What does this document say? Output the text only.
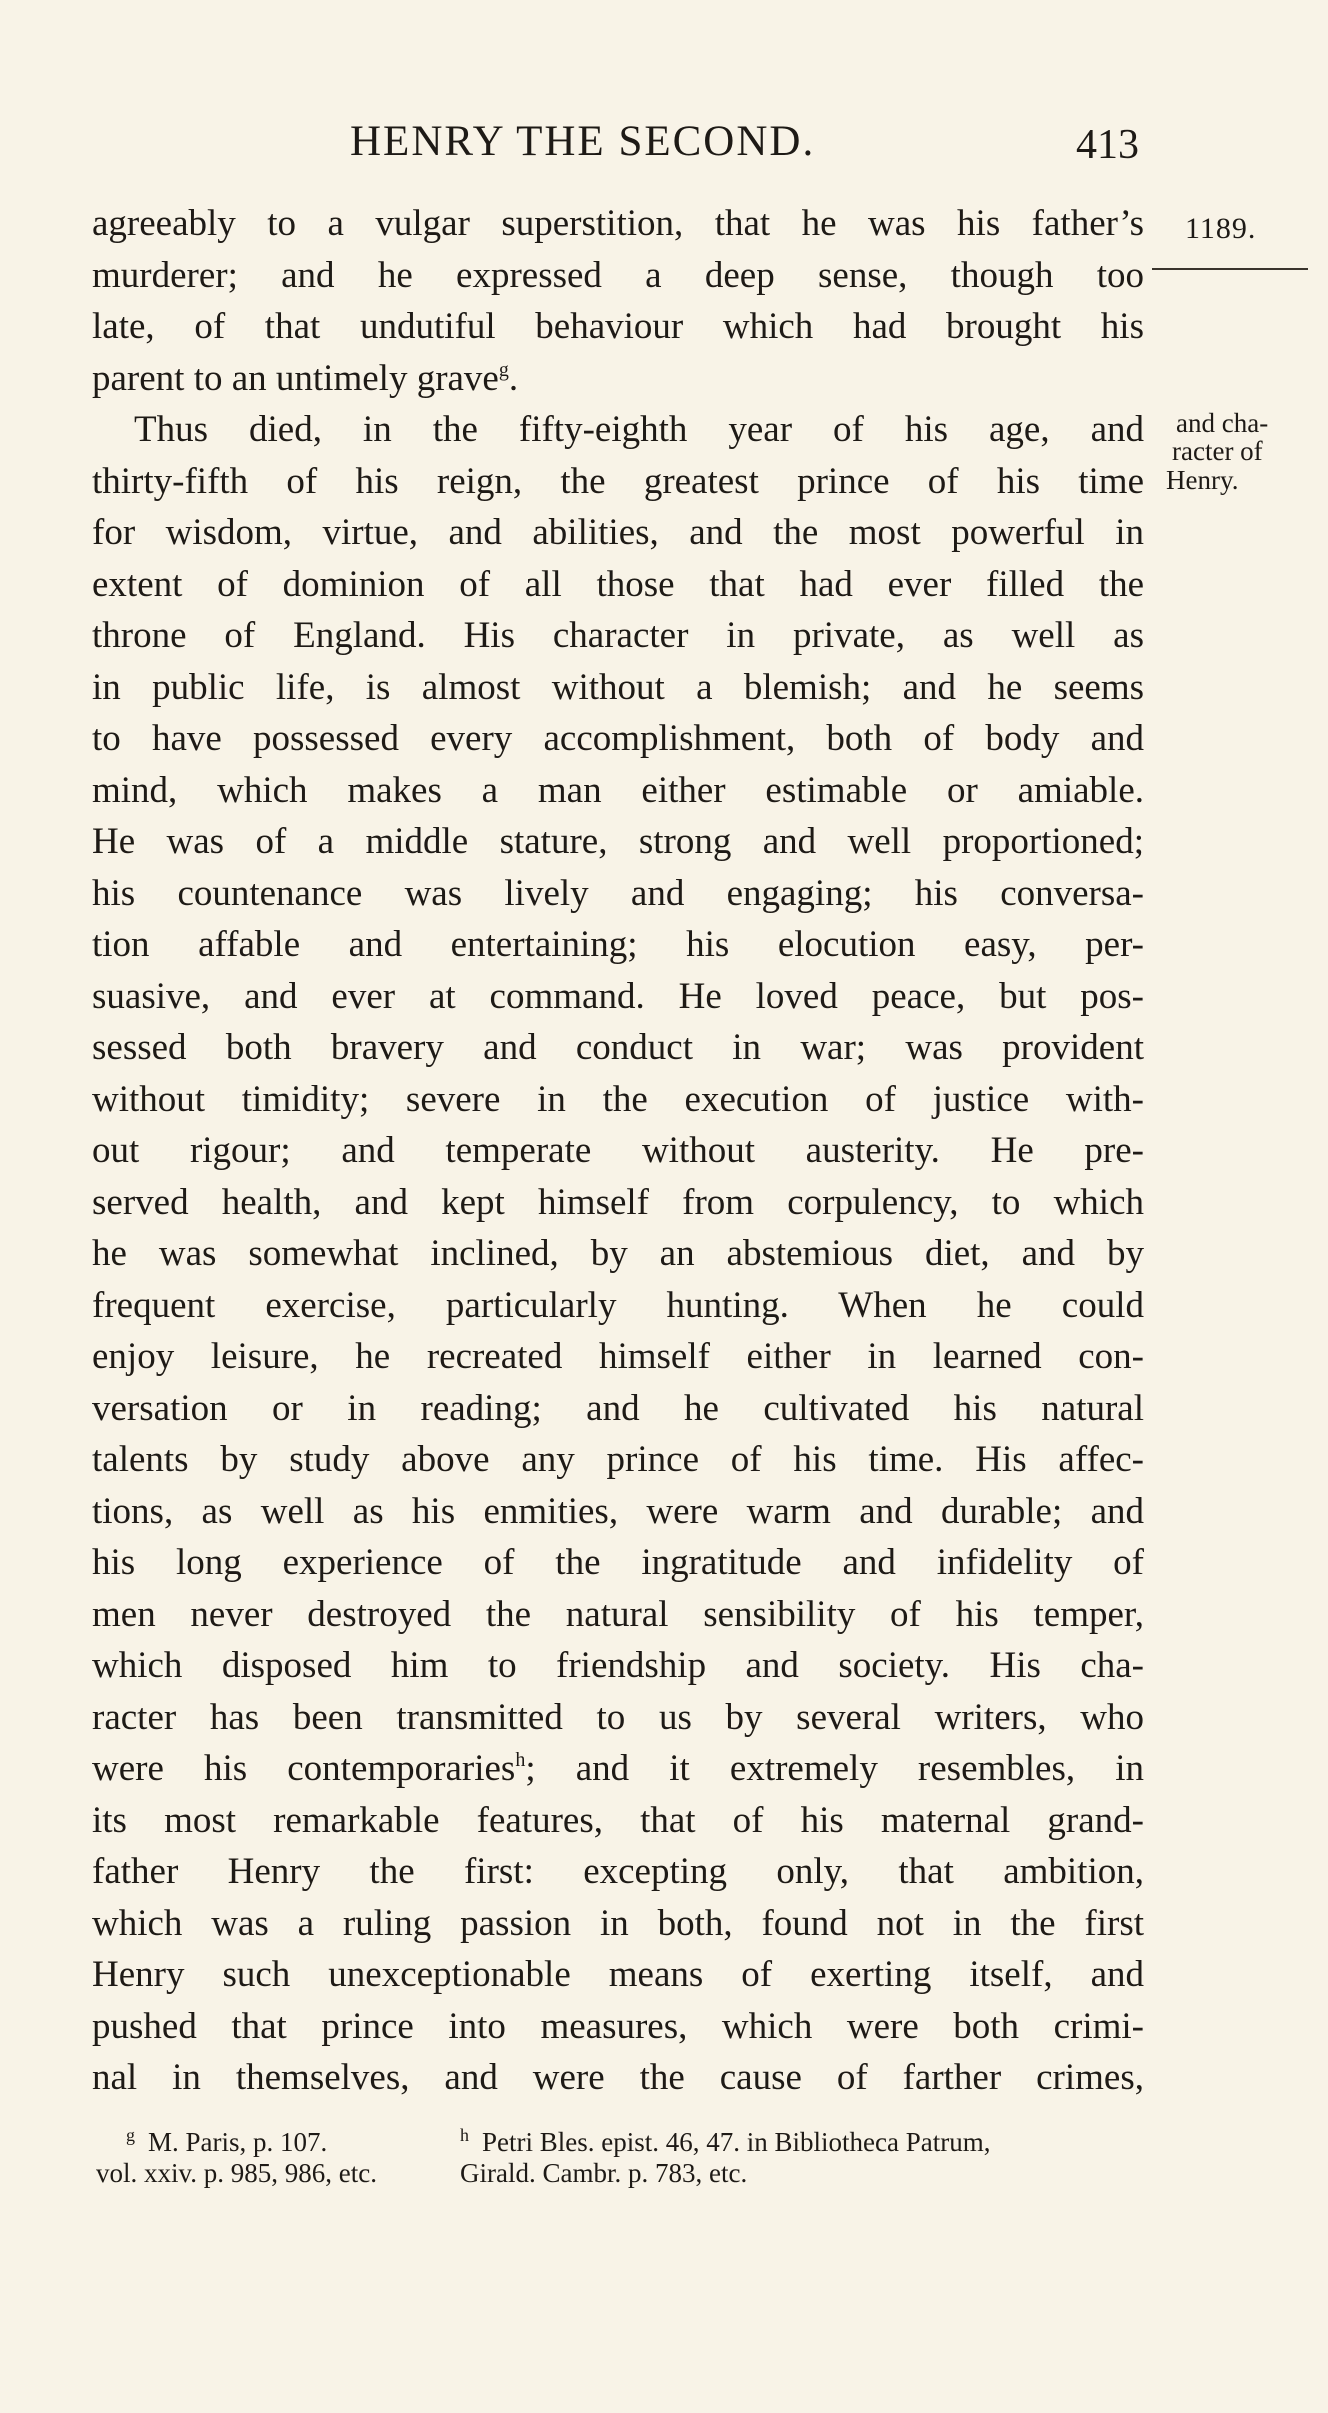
HENRY THE SECOND.	413
1189.
and cha-
racter of
Henry.
agreeably to a vulgar superstition, that he was his father’s
murderer; and he expressed a deep sense, though too
late, of that undutiful behaviour which had brought his
parent to an untimely grave$^g$.
Thus died, in the fifty-eighth year of his age, and
thirty-fifth of his reign, the greatest prince of his time
for wisdom, virtue, and abilities, and the most powerful in
extent of dominion of all those that had ever filled the
throne of England. His character in private, as well as
in public life, is almost without a blemish; and he seems
to have possessed every accomplishment, both of body and
mind, which makes a man either estimable or amiable.
He was of a middle stature, strong and well proportioned;
his countenance was lively and engaging; his conversa-
tion affable and entertaining; his elocution easy, per-
suasive, and ever at command. He loved peace, but pos-
sessed both bravery and conduct in war; was provident
without timidity; severe in the execution of justice with-
out rigour; and temperate without austerity. He pre-
served health, and kept himself from corpulency, to which
he was somewhat inclined, by an abstemious diet, and by
frequent exercise, particularly hunting. When he could
enjoy leisure, he recreated himself either in learned con-
versation or in reading; and he cultivated his natural
talents by study above any prince of his time. His affec-
tions, as well as his enmities, were warm and durable; and
his long experience of the ingratitude and infidelity of
men never destroyed the natural sensibility of his temper,
which disposed him to friendship and society. His cha-
racter has been transmitted to us by several writers, who
were his contemporaries$^h$; and it extremely resembles, in
its most remarkable features, that of his maternal grand-
father Henry the first: excepting only, that ambition,
which was a ruling passion in both, found not in the first
Henry such unexceptionable means of exerting itself, and
pushed that prince into measures, which were both crimi-
nal in themselves, and were the cause of farther crimes,
g M. Paris, p. 107.	h Petri Bles. epist. 46, 47. in Bibliotheca Patrum,
vol. xxiv. p. 985, 986, etc.	Girald. Cambr. p. 783, etc.
